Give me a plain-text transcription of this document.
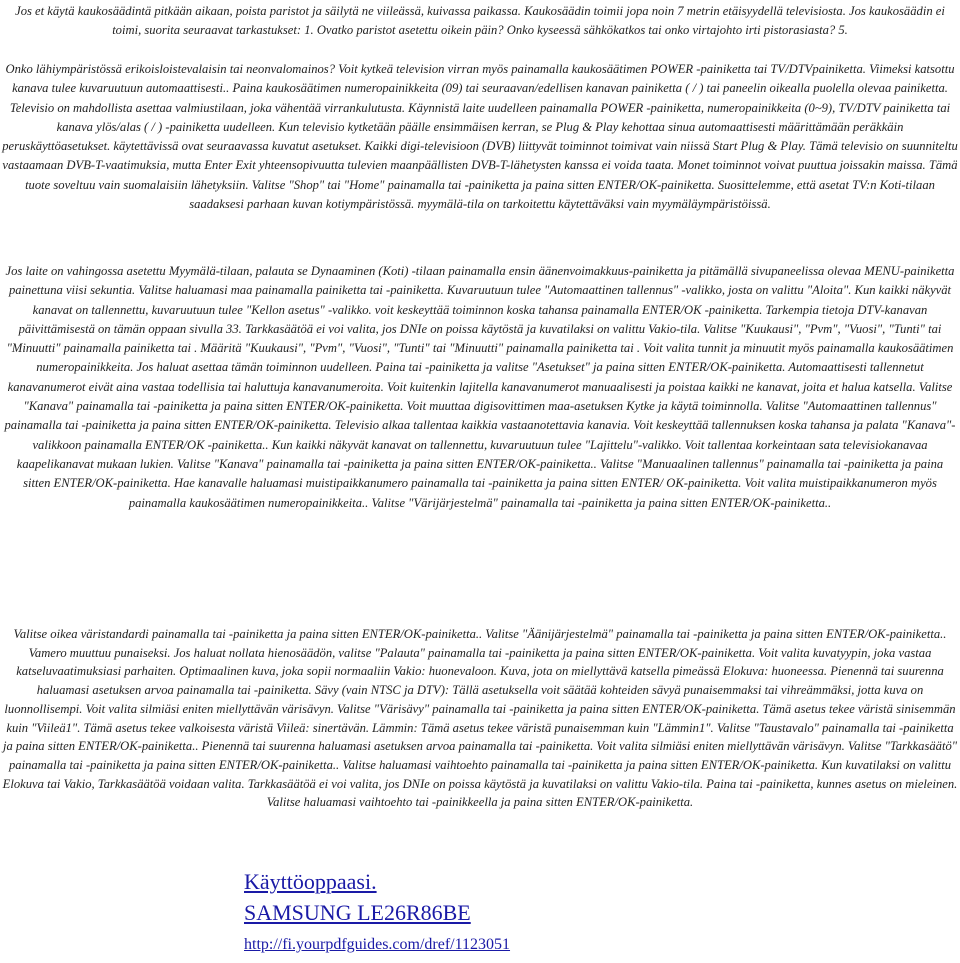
Jos et käytä kaukosäädintä pitkään aikaan, poista paristot ja säilytä ne viileässä, kuivassa paikassa. Kaukosäädin toimii jopa noin 7 metrin etäisyydellä televisiosta. Jos kaukosäädin ei toimi, suorita seuraavat tarkastukset: 1. Ovatko paristot asetettu oikein päin? Onko kyseessä sähkökatkos tai onko virtajohto irti pistorasiasta? 5.

Onko lähiympäristössä erikoisloistevalaisin tai neonvalomainos? Voit kytkeä television virran myös painamalla kaukosäätimen POWER -painiketta tai TV/DTVpainiketta. Viimeksi katsottu kanava tulee kuvaruutuun automaattisesti.. Paina kaukosäätimen numeropainikkeita (09) tai seuraavan/edellisen kanavan painiketta ( / ) tai paneelin oikealla puolella olevaa painiketta. Televisio on mahdollista asettaa valmiustilaan, joka vähentää virrankulutusta. Käynnistä laite uudelleen painamalla POWER -painiketta, numeropainikkeita (0~9), TV/DTV painiketta tai kanava ylös/alas ( / ) -painiketta uudelleen. Kun televisio kytketään päälle ensimmäisen kerran, se Plug & Play kehottaa sinua automaattisesti määrittämään peräkkäin peruskäyttöasetukset. käytettävissä ovat seuraavassa kuvatut asetukset. Kaikki digi-televisioon (DVB) liittyvät toiminnot toimivat vain niissä Start Plug & Play. Tämä televisio on suunniteltu vastaamaan DVB-T-vaatimuksia, mutta Enter Exit yhteensopivuutta tulevien maanpäällisten DVB-T-lähetysten kanssa ei voida taata. Monet toiminnot voivat puuttua joissakin maissa. Tämä tuote soveltuu vain suomalaisiin lähetyksiin. Valitse "Shop" tai "Home" painamalla tai -painiketta ja paina sitten ENTER/OK-painiketta. Suosittelemme, että asetat TV:n Koti-tilaan saadaksesi parhaan kuvan kotiympäristössä. myymälä-tila on tarkoitettu käytettäväksi vain myymäläympäristöissä.

Jos laite on vahingossa asetettu Myymälä-tilaan, palauta se Dynaaminen (Koti) -tilaan painamalla ensin äänenvoimakkuus-painiketta ja pitämällä sivupaneelissa olevaa MENU-painiketta painettuna viisi sekuntia. Valitse haluamasi maa painamalla painiketta tai -painiketta. Kuvaruutuun tulee "Automaattinen tallennus" -valikko, josta on valittu "Aloita". Kun kaikki näkyvät kanavat on tallennettu, kuvaruutuun tulee "Kellon asetus" -valikko. voit keskeyttää toiminnon koska tahansa painamalla ENTER/OK -painiketta. Tarkempia tietoja DTV-kanavan päivittämisestä on tämän oppaan sivulla 33. Tarkkasäätöä ei voi valita, jos DNIe on poissa käytöstä ja kuvatilaksi on valittu Vakio-tila. Valitse "Kuukausi", "Pvm", "Vuosi", "Tunti" tai "Minuutti" painamalla painiketta tai . Määritä "Kuukausi", "Pvm", "Vuosi", "Tunti" tai "Minuutti" painamalla painiketta tai . Voit valita tunnit ja minuutit myös painamalla kaukosäätimen numeropainikkeita. Jos haluat asettaa tämän toiminnon uudelleen. Paina tai -painiketta ja valitse "Asetukset" ja paina sitten ENTER/OK-painiketta. Automaattisesti tallennetut kanavanumerot eivät aina vastaa todellisia tai haluttuja kanavanumeroita. Voit kuitenkin lajitella kanavanumerot manuaalisesti ja poistaa kaikki ne kanavat, joita et halua katsella. Valitse "Kanava" painamalla tai -painiketta ja paina sitten ENTER/OK-painiketta. Voit muuttaa digisovittimen maa-asetuksen Kytke ja käytä toiminnolla. Valitse "Automaattinen tallennus" painamalla tai -painiketta ja paina sitten ENTER/OK-painiketta. Televisio alkaa tallentaa kaikkia vastaanotettavia kanavia. Voit keskeyttää tallennuksen koska tahansa ja palata "Kanava"-valikkoon painamalla ENTER/OK -painiketta.. Kun kaikki näkyvät kanavat on tallennettu, kuvaruutuun tulee "Lajittelu"-valikko. Voit tallentaa korkeintaan sata televisiokanavaa kaapelikanavat mukaan lukien. Valitse "Kanava" painamalla tai -painiketta ja paina sitten ENTER/OK-painiketta.. Valitse "Manuaalinen tallennus" painamalla tai -painiketta ja paina sitten ENTER/OK-painiketta. Hae kanavalle haluamasi muistipaikkanumero painamalla tai -painiketta ja paina sitten ENTER/ OK-painiketta. Voit valita muistipaikkanumeron myös painamalla kaukosäätimen numeropainikkeita.. Valitse "Värijärjestelmä" painamalla tai -painiketta ja paina sitten ENTER/OK-painiketta..

Valitse oikea väristandardi painamalla tai -painiketta ja paina sitten ENTER/OK-painiketta.. Valitse "Äänijärjestelmä" painamalla tai -painiketta ja paina sitten ENTER/OK-painiketta.. Vamero muuttuu punaiseksi. Jos haluat nollata hienosäädön, valitse "Palauta" painamalla tai -painiketta ja paina sitten ENTER/OK-painiketta. Voit valita kuvatyypin, joka vastaa katseluvaatimuksiasi parhaiten. Optimaalinen kuva, joka sopii normaaliin Vakio: huonevaloon. Kuva, jota on miellyttävä katsella pimeässä Elokuva: huoneessa. Pienennä tai suurenna haluamasi asetuksen arvoa painamalla tai -painiketta. Sävy (vain NTSC ja DTV): Tällä asetuksella voit säätää kohteiden sävyä punaisemmaksi tai vihreämmäksi, jotta kuva on luonnollisempi. Voit valita silmiäsi eniten miellyttävän värisävyn. Valitse "Värisävy" painamalla tai -painiketta ja paina sitten ENTER/OK-painiketta. Tämä asetus tekee väristä sinisemmän kuin "Viileä1". Tämä asetus tekee valkoisesta väristä Viileä: sinertävän. Lämmin: Tämä asetus tekee väristä punaisemman kuin "Lämmin1". Valitse "Taustavalo" painamalla tai -painiketta ja paina sitten ENTER/OK-painiketta.. Pienennä tai suurenna haluamasi asetuksen arvoa painamalla tai -painiketta. Voit valita silmiäsi eniten miellyttävän värisävyn. Valitse "Tarkkasäätö" painamalla tai -painiketta ja paina sitten ENTER/OK-painiketta.. Valitse haluamasi vaihtoehto painamalla tai -painiketta ja paina sitten ENTER/OK-painiketta. Kun kuvatilaksi on valittu Elokuva tai Vakio, Tarkkasäätöä voidaan valita. Tarkkasäätöä ei voi valita, jos DNIe on poissa käytöstä ja kuvatilaksi on valittu Vakio-tila. Paina tai -painiketta, kunnes asetus on mieleinen. Valitse haluamasi vaihtoehto tai -painikkeella ja paina sitten ENTER/OK-painiketta.

Käyttöoppaasi.
SAMSUNG LE26R86BE
http://fi.yourpdfguides.com/dref/1123051
